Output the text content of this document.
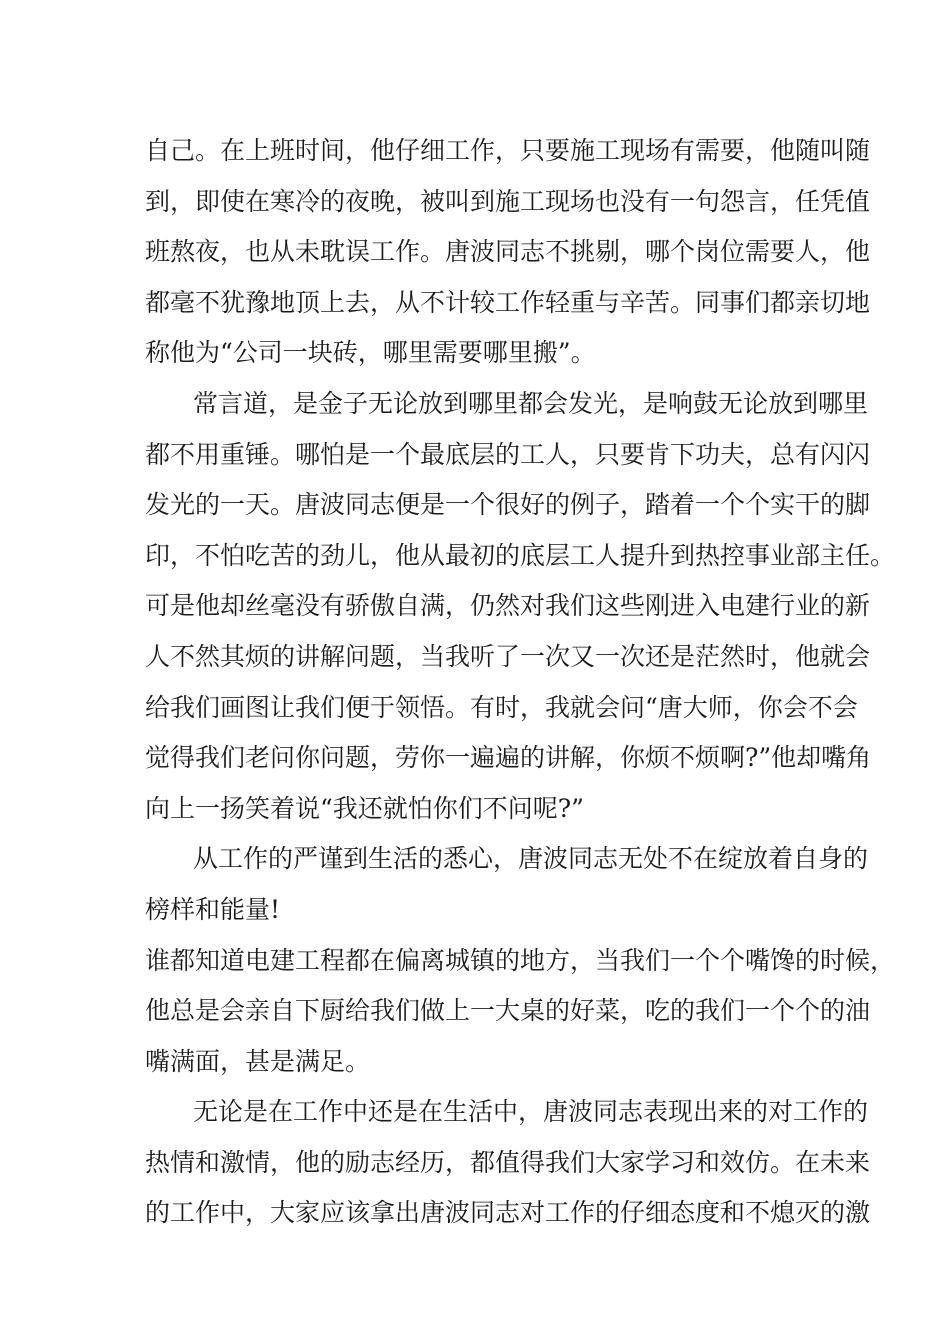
自己。在上班时间，他仔细工作，只要施工现场有需要，他随叫随
到，即使在寒冷的夜晚，被叫到施工现场也没有一句怨言，任凭值
班熬夜，也从未耽误工作。唐波同志不挑剔，哪个岗位需要人，他
都毫不犹豫地顶上去，从不计较工作轻重与辛苦。同事们都亲切地
称他为“公司一块砖，哪里需要哪里搬”。

常言道，是金子无论放到哪里都会发光，是响鼓无论放到哪里
都不用重锤。哪怕是一个最底层的工人，只要肯下功夫，总有闪闪
发光的一天。唐波同志便是一个很好的例子，踏着一个个实干的脚
印，不怕吃苦的劲儿，他从最初的底层工人提升到热控事业部主任。
可是他却丝毫没有骄傲自满，仍然对我们这些刚进入电建行业的新
人不然其烦的讲解问题，当我听了一次又一次还是茫然时，他就会
给我们画图让我们便于领悟。有时，我就会问“唐大师，你会不会
觉得我们老问你问题，劳你一遍遍的讲解，你烦不烦啊?”他却嘴角
向上一扬笑着说“我还就怕你们不问呢?”

从工作的严谨到生活的悉心，唐波同志无处不在绽放着自身的
榜样和能量!

谁都知道电建工程都在偏离城镇的地方，当我们一个个嘴馋的时候，
他总是会亲自下厨给我们做上一大桌的好菜，吃的我们一个个的油
嘴满面，甚是满足。

无论是在工作中还是在生活中，唐波同志表现出来的对工作的
热情和激情，他的励志经历，都值得我们大家学习和效仿。在未来
的工作中，大家应该拿出唐波同志对工作的仔细态度和不熄灭的激
